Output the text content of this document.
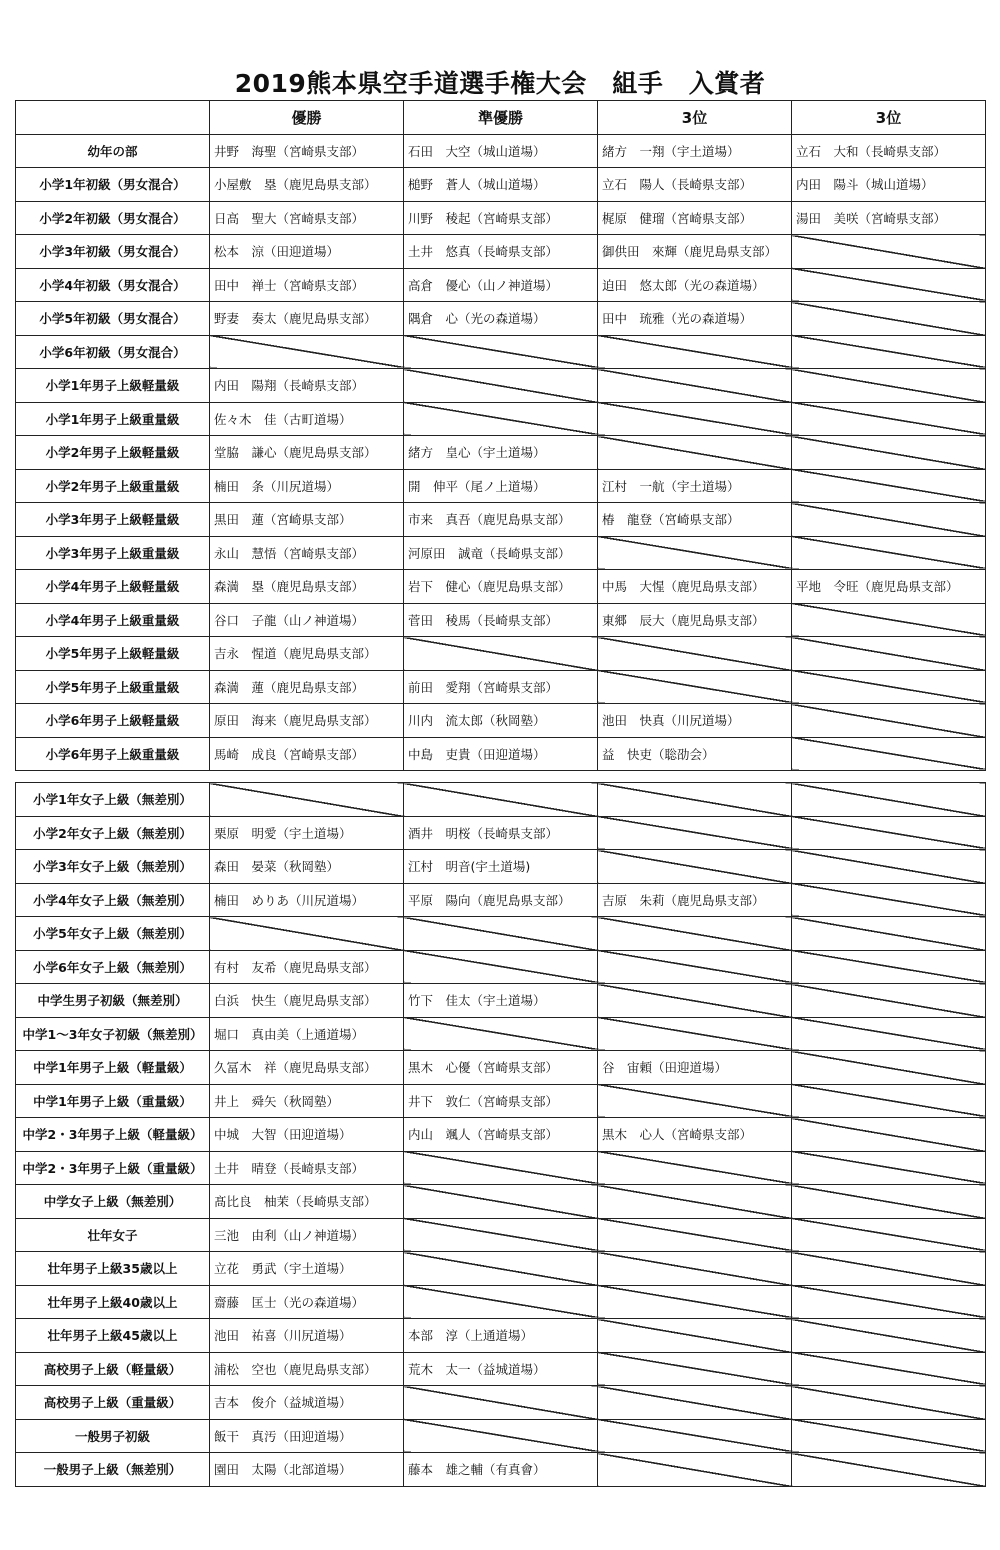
2019熊本県空手道選手権大会　組手　入賞者
	優勝	準優勝	3位	3位
幼年の部	井野　海聖（宮崎県支部）	石田　大空（城山道場）	緒方　一翔（宇土道場）	立石　大和（長崎県支部）
小学1年初級（男女混合）	小屋敷　塁（鹿児島県支部）	槌野　蒼人（城山道場）	立石　陽人（長崎県支部）	内田　陽斗（城山道場）
小学2年初級（男女混合）	日高　聖大（宮崎県支部）	川野　稜起（宮崎県支部）	梶原　健瑠（宮崎県支部）	湯田　美咲（宮崎県支部）
小学3年初級（男女混合）	松本　涼（田迎道場）	土井　悠真（長崎県支部）	御供田　來輝（鹿児島県支部）	
小学4年初級（男女混合）	田中　禅士（宮崎県支部）	高倉　優心（山ノ神道場）	迫田　悠太郎（光の森道場）	
小学5年初級（男女混合）	野妻　奏太（鹿児島県支部）	隅倉　心（光の森道場）	田中　琉雅（光の森道場）	
小学6年初級（男女混合）				
小学1年男子上級軽量級	内田　陽翔（長崎県支部）			
小学1年男子上級重量級	佐々木　佳（古町道場）			
小学2年男子上級軽量級	堂脇　謙心（鹿児島県支部）	緒方　皇心（宇土道場）		
小学2年男子上級重量級	楠田　条（川尻道場）	開　伸平（尾ノ上道場）	江村　一航（宇土道場）	
小学3年男子上級軽量級	黒田　蓮（宮崎県支部）	市来　真吾（鹿児島県支部）	椿　龍登（宮崎県支部）	
小学3年男子上級重量級	永山　慧悟（宮崎県支部）	河原田　誠竜（長崎県支部）		
小学4年男子上級軽量級	森満　塁（鹿児島県支部）	岩下　健心（鹿児島県支部）	中馬　大惺（鹿児島県支部）	平地　令旺（鹿児島県支部）
小学4年男子上級重量級	谷口　子龍（山ノ神道場）	菅田　稜馬（長崎県支部）	東郷　辰大（鹿児島県支部）	
小学5年男子上級軽量級	吉永　惺道（鹿児島県支部）			
小学5年男子上級重量級	森満　蓮（鹿児島県支部）	前田　愛翔（宮崎県支部）		
小学6年男子上級軽量級	原田　海来（鹿児島県支部）	川内　流太郎（秋岡塾）	池田　快真（川尻道場）	
小学6年男子上級重量級	馬崎　成良（宮崎県支部）	中島　吏貴（田迎道場）	益　快吏（聡劭会）	
小学1年女子上級（無差別）				
小学2年女子上級（無差別）	栗原　明愛（宇土道場）	酒井　明桜（長崎県支部）		
小学3年女子上級（無差別）	森田　晏菜（秋岡塾）	江村　明音(宇土道場)		
小学4年女子上級（無差別）	楠田　めりあ（川尻道場）	平原　陽向（鹿児島県支部）	吉原　朱莉（鹿児島県支部）	
小学5年女子上級（無差別）				
小学6年女子上級（無差別）	有村　友希（鹿児島県支部）			
中学生男子初級（無差別）	白浜　快生（鹿児島県支部）	竹下　佳太（宇土道場）		
中学1～3年女子初級（無差別）	堀口　真由美（上通道場）			
中学1年男子上級（軽量級）	久冨木　祥（鹿児島県支部）	黒木　心優（宮崎県支部）	谷　宙頼（田迎道場）	
中学1年男子上級（重量級）	井上　舜矢（秋岡塾）	井下　敦仁（宮崎県支部）		
中学2・3年男子上級（軽量級）	中城　大智（田迎道場）	内山　颯人（宮崎県支部）	黒木　心人（宮崎県支部）	
中学2・3年男子上級（重量級）	土井　晴登（長崎県支部）			
中学女子上級（無差別）	髙比良　柚茉（長崎県支部）			
壮年女子	三池　由利（山ノ神道場）			
壮年男子上級35歳以上	立花　勇武（宇土道場）			
壮年男子上級40歳以上	齋藤　匡士（光の森道場）			
壮年男子上級45歳以上	池田　祐喜（川尻道場）	本部　淳（上通道場）		
高校男子上級（軽量級）	浦松　空也（鹿児島県支部）	荒木　太一（益城道場）		
高校男子上級（重量級）	吉本　俊介（益城道場）			
一般男子初級	飯干　真汚（田迎道場）			
一般男子上級（無差別）	園田　太陽（北部道場）	藤本　雄之輔（有真會）		
